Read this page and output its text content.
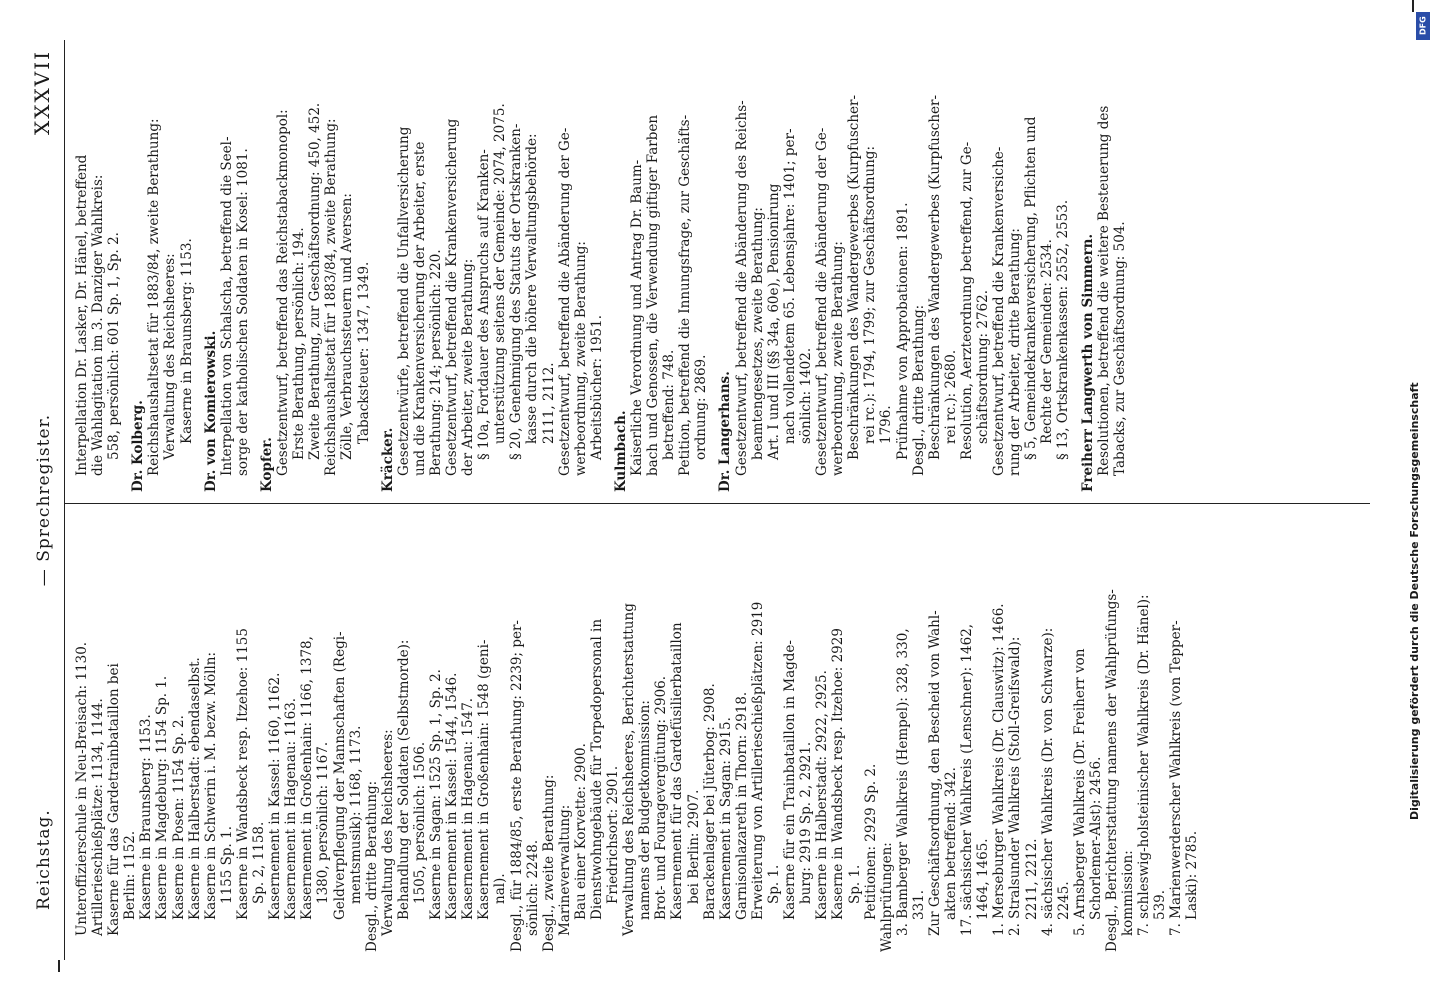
Reichstag.
— Sprechregister.
XXXVII
Unteroffizierschule in Neu-Breisach: 1130. Artillerieschießplätze: 1134, 1144. Kaserne für das Gardetrainbataillon bei Berlin: 1152. Kaserne in Braunsberg: 1153. Kaserne in Magdeburg: 1154 Sp. 1. Kaserne in Posen: 1154 Sp. 2. Kaserne in Halberstadt: ebendaselbst. Kaserne in Schwerin i. M. bezw. Mölln: 1155 Sp. 1. Kaserne in Wandsbeck resp. Itzehoe: 1155 Sp. 2, 1158. Kasernement in Kassel: 1160, 1162. Kasernement in Hagenau: 1163. Kasernement in Großenhain: 1166, 1378, 1380, persönlich: 1167. Geldverpflegung der Mannschaften (Regi- mentsmusik): 1168, 1173. Desgl., dritte Berathung: Verwaltung des Reichsheeres: Behandlung der Soldaten (Selbstmorde): 1505, persönlich: 1506. Kaserne in Sagan: 1525 Sp. 1, Sp. 2. Kasernement in Kassel: 1544, 1546. Kasernement in Hagenau: 1547. Kasernement in Großenhain: 1548 (geni- nal). Desgl., für 1884/85, erste Berathung: 2239; per- sönlich: 2248. Desgl., zweite Berathung: Marineverwaltung: Bau einer Korvette: 2900. Dienstwohngebäude für Torpedopersonal in Friedrichsort: 2901. Verwaltung des Reichsheeres, Berichterstattung namens der Budgetkommission: Brot- und Fouragevergütung: 2906. Kasernement für das Gardefüsilierbataillon bei Berlin: 2907. Barackenlager bei Jüterbog: 2908. Kasernement in Sagan: 2915. Garnisonlazareth in Thorn: 2918. Erweiterung von Artillerieschießplätzen: 2919 Sp. 1. Kaserne für ein Trainbataillon in Magde- burg: 2919 Sp. 2, 2921. Kaserne in Halberstadt: 2922, 2925. Kaserne in Wandsbeck resp. Itzehoe: 2929 Sp. 1. Petitionen: 2929 Sp. 2. Wahlprüfungen: 3. Bamberger Wahlkreis (Hempel): 328, 330, 331. Zur Geschäftsordnung, den Bescheid von Wahl- akten betreffend: 342. 17. sächsischer Wahlkreis (Lenschner): 1462, 1464, 1465. 1. Merseburger Wahlkreis (Dr. Clauswitz): 1466. 2. Stralsunder Wahlkreis (Stoll-Greifswald): 2211, 2212. 4. sächsischer Wahlkreis (Dr. von Schwarze): 2245. 5. Arnsberger Wahlkreis (Dr. Freiherr von Schorlemer-Alst): 2456. Desgl., Berichterstattung namens der Wahlprüfungs- kommission: 7. schleswig-holsteinischer Wahlkreis (Dr. Hänel): 539. 7. Marienwerderscher Wahlkreis (von Tepper- Laski): 2785.
Interpellation Dr. Lasker, Dr. Hänel, betreffend die Wahlagitation im 3. Danziger Wahlkreis: 558, persönlich: 601 Sp. 1, Sp. 2. Dr. Kolberg. Reichshaushaltsetat für 1883/84, zweite Berathung: Verwaltung des Reichsheeres: Kaserne in Braunsberg: 1153. Dr. von Komierowski. Interpellation von Schalscha, betreffend die Seel- sorge der katholischen Soldaten in Kosel: 1081. Kopfer. Gesetzentwurf, betreffend das Reichstabackmonopol: Erste Berathung, persönlich: 194. Zweite Berathung, zur Geschäftsordnung: 450, 452. Reichshaushaltsetat für 1883/84, zweite Berathung: Zölle, Verbrauchssteuern und Aversen: Tabacksteuer: 1347, 1349.
Kräcker. Gesetzentwürfe, betreffend die Unfallversicherung und die Krankenversicherung der Arbeiter, erste Berathung: 214; persönlich: 220. Gesetzentwurf, betreffend die Krankenversicherung der Arbeiter, zweite Berathung: § 10a, Fortdauer des Anspruchs auf Kranken- unterstützung seitens der Gemeinde: 2074, 2075. § 20, Genehmigung des Statuts der Ortskranken- kasse durch die höhere Verwaltungsbehörde: 2111, 2112. Gesetzentwurf, betreffend die Abänderung der Ge- werbeordnung, zweite Berathung: Arbeitsbücher: 1951. Kulmbach. Kaiserliche Verordnung und Antrag Dr. Baum- bach und Genossen, die Verwendung giftiger Farben betreffend: 748. Petition, betreffend die Innungsfrage, zur Geschäfts- ordnung: 2869. Dr. Langerhans. Gesetzentwurf, betreffend die Abänderung des Reichs- beamtengesetzes, zweite Berathung: Art. I und III (§§ 34a, 60e), Pensionirung nach vollendetem 65. Lebensjahre: 1401; per- sönlich: 1402. Gesetzentwurf, betreffend die Abänderung der Ge- werbeordnung, zweite Berathung: Beschränkungen des Wandergewerbes (Kurpfuscher- rei rc.): 1794, 1799; zur Geschäftsordnung: 1796. Prüfnahme von Approbationen: 1891. Desgl., dritte Berathung: Beschränkungen des Wandergewerbes (Kurpfuscher- rei rc.): 2680. Resolution, Aerzteordnung betreffend, zur Ge- schäftsordnung: 2762. Gesetzentwurf, betreffend die Krankenversiche- rung der Arbeiter, dritte Berathung: § 5, Gemeindekrankenversicherung, Pflichten und Rechte der Gemeinden: 2534. § 13, Ortskrankenkassen: 2552, 2553. Freiherr Langwerth von Simmern. Resolutionen, betreffend die weitere Besteuerung des Tabacks, zur Geschäftsordnung: 504.
Digitalisierung gefördert durch die Deutsche Forschungsgemeinschaft
DFG
